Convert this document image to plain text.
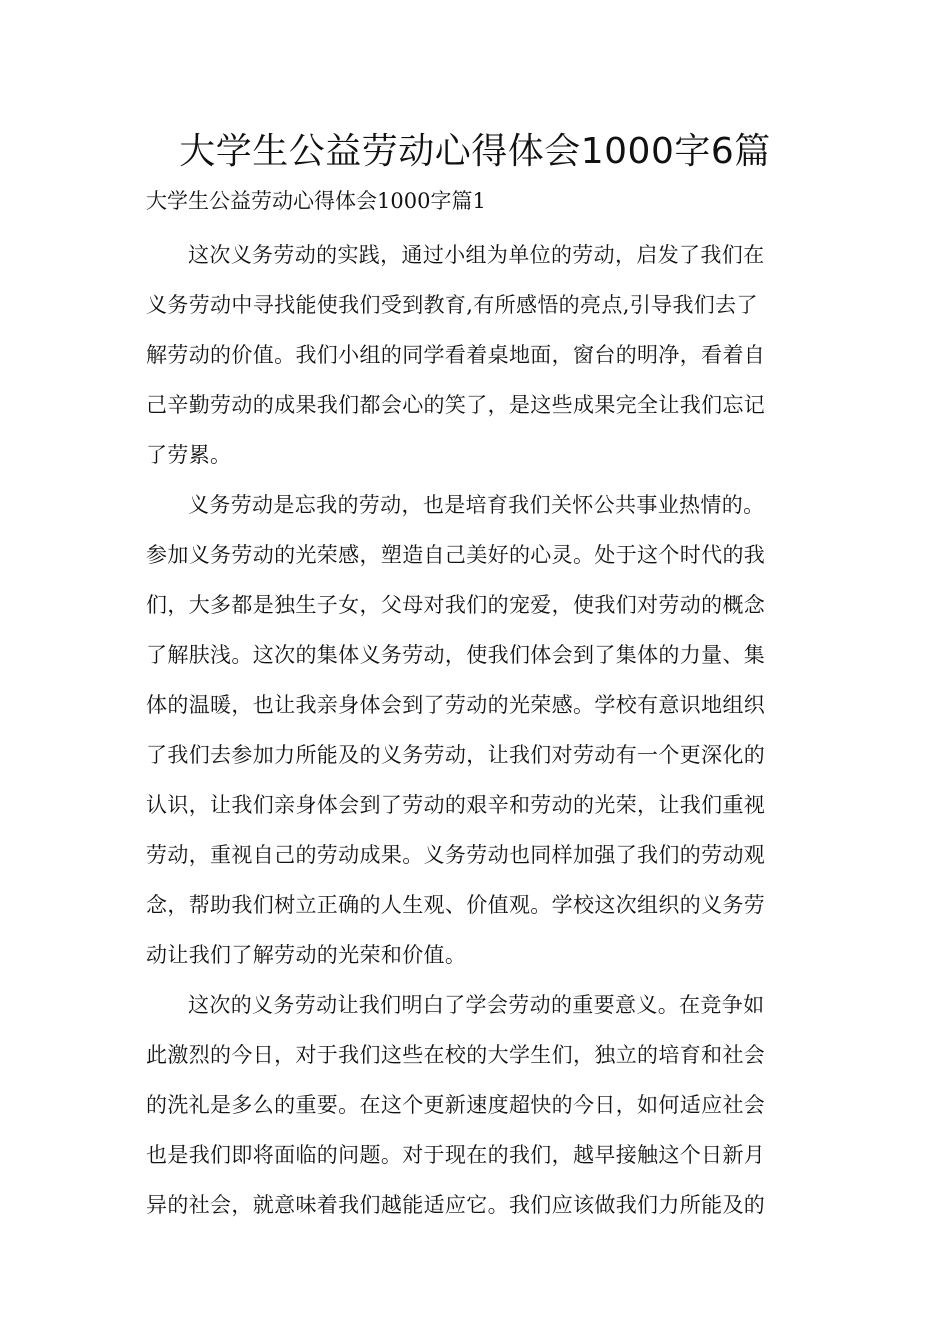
大学生公益劳动心得体会1000字6篇

大学生公益劳动心得体会1000字篇1

这次义务劳动的实践，通过小组为单位的劳动，启发了我们在
义务劳动中寻找能使我们受到教育,有所感悟的亮点,引导我们去了
解劳动的价值。我们小组的同学看着桌地面，窗台的明净，看着自
己辛勤劳动的成果我们都会心的笑了，是这些成果完全让我们忘记
了劳累。
义务劳动是忘我的劳动，也是培育我们关怀公共事业热情的。
参加义务劳动的光荣感，塑造自己美好的心灵。处于这个时代的我
们，大多都是独生子女，父母对我们的宠爱，使我们对劳动的概念
了解肤浅。这次的集体义务劳动，使我们体会到了集体的力量、集
体的温暖，也让我亲身体会到了劳动的光荣感。学校有意识地组织
了我们去参加力所能及的义务劳动，让我们对劳动有一个更深化的
认识，让我们亲身体会到了劳动的艰辛和劳动的光荣，让我们重视
劳动，重视自己的劳动成果。义务劳动也同样加强了我们的劳动观
念，帮助我们树立正确的人生观、价值观。学校这次组织的义务劳
动让我们了解劳动的光荣和价值。
这次的义务劳动让我们明白了学会劳动的重要意义。在竞争如
此激烈的今日，对于我们这些在校的大学生们，独立的培育和社会
的洗礼是多么的重要。在这个更新速度超快的今日，如何适应社会
也是我们即将面临的问题。对于现在的我们，越早接触这个日新月
异的社会，就意味着我们越能适应它。我们应该做我们力所能及的
